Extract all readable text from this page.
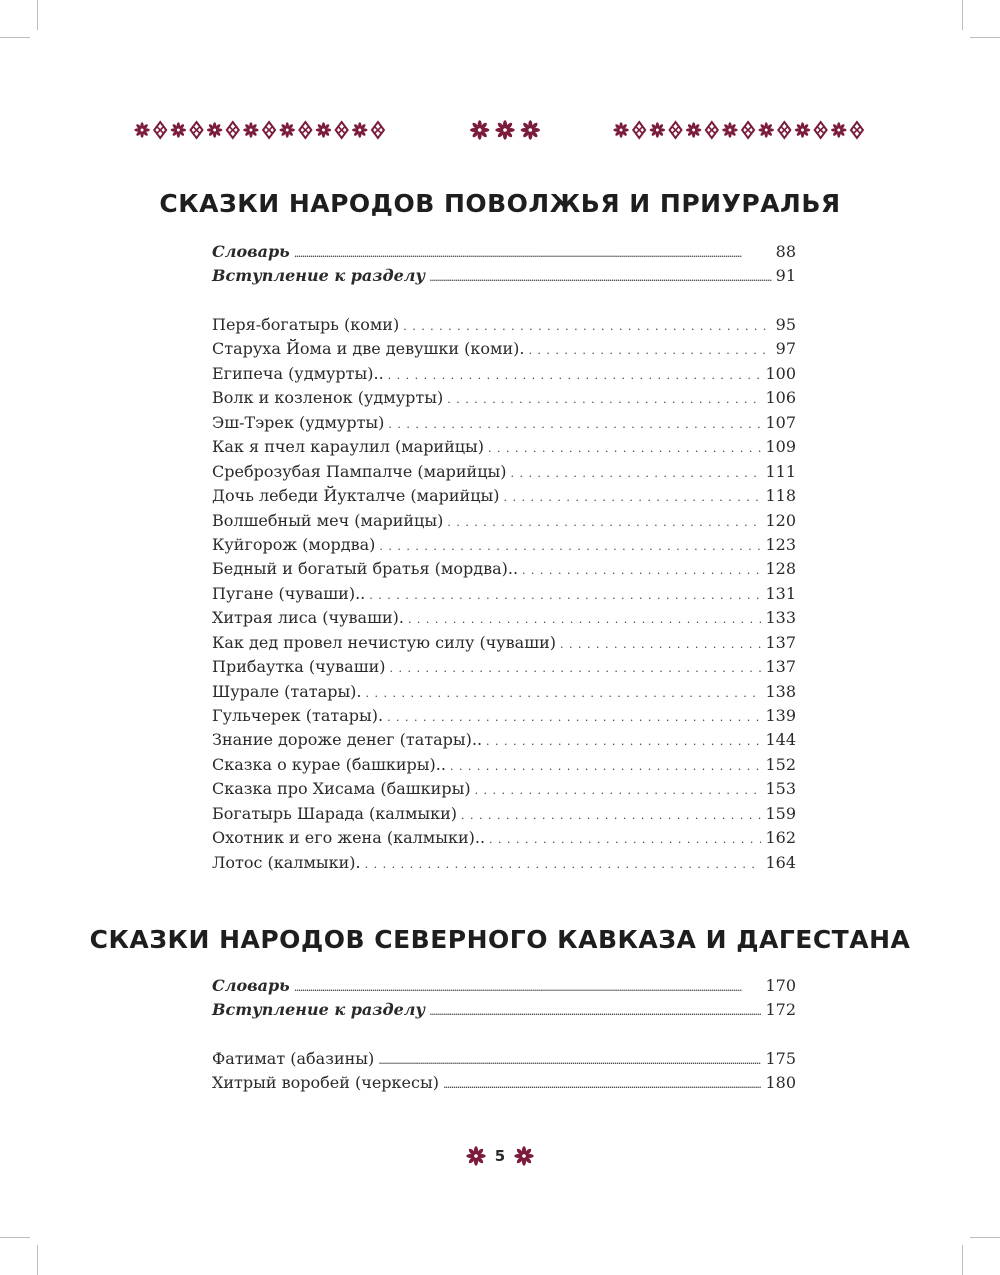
СКАЗКИ НАРОДОВ ПОВОЛЖЬЯ И ПРИУРАЛЬЯ
Словарь .....	88
Вступление к разделу .....	91
Перя-богатырь (коми) . . .	95
Старуха Йома и две девушки (коми). . . .	97
Египеча (удмурты).. . . .	100
Волк и козленок (удмурты) . . .	106
Эш-Тэрек (удмурты) . . .	107
Как я пчел караулил (марийцы) . . .	109
Среброзубая Пампалче (марийцы) . . .	111
Дочь лебеди Йукталче (марийцы) . . .	118
Волшебный меч (марийцы) . . .	120
Куйгорож (мордва) . . .	123
Бедный и богатый братья (мордва).. . . .	128
Пугане (чуваши).. . . .	131
Хитрая лиса (чуваши). . . .	133
Как дед провел нечистую силу (чуваши) . . .	137
Прибаутка (чуваши) . . .	137
Шурале (татары). . . .	138
Гульчерек (татары). . . .	139
Знание дороже денег (татары).. . . .	144
Сказка о курае (башкиры).. . . .	152
Сказка про Хисама (башкиры) . . .	153
Богатырь Шарада (калмыки) . . .	159
Охотник и его жена (калмыки).. . . .	162
Лотос (калмыки). . . .	164
СКАЗКИ НАРОДОВ СЕВЕРНОГО КАВКАЗА И ДАГЕСТАНА
Словарь .....	170
Вступление к разделу .....	172
Фатимат (абазины) .....	175
Хитрый воробей (черкесы) .....	180
5
